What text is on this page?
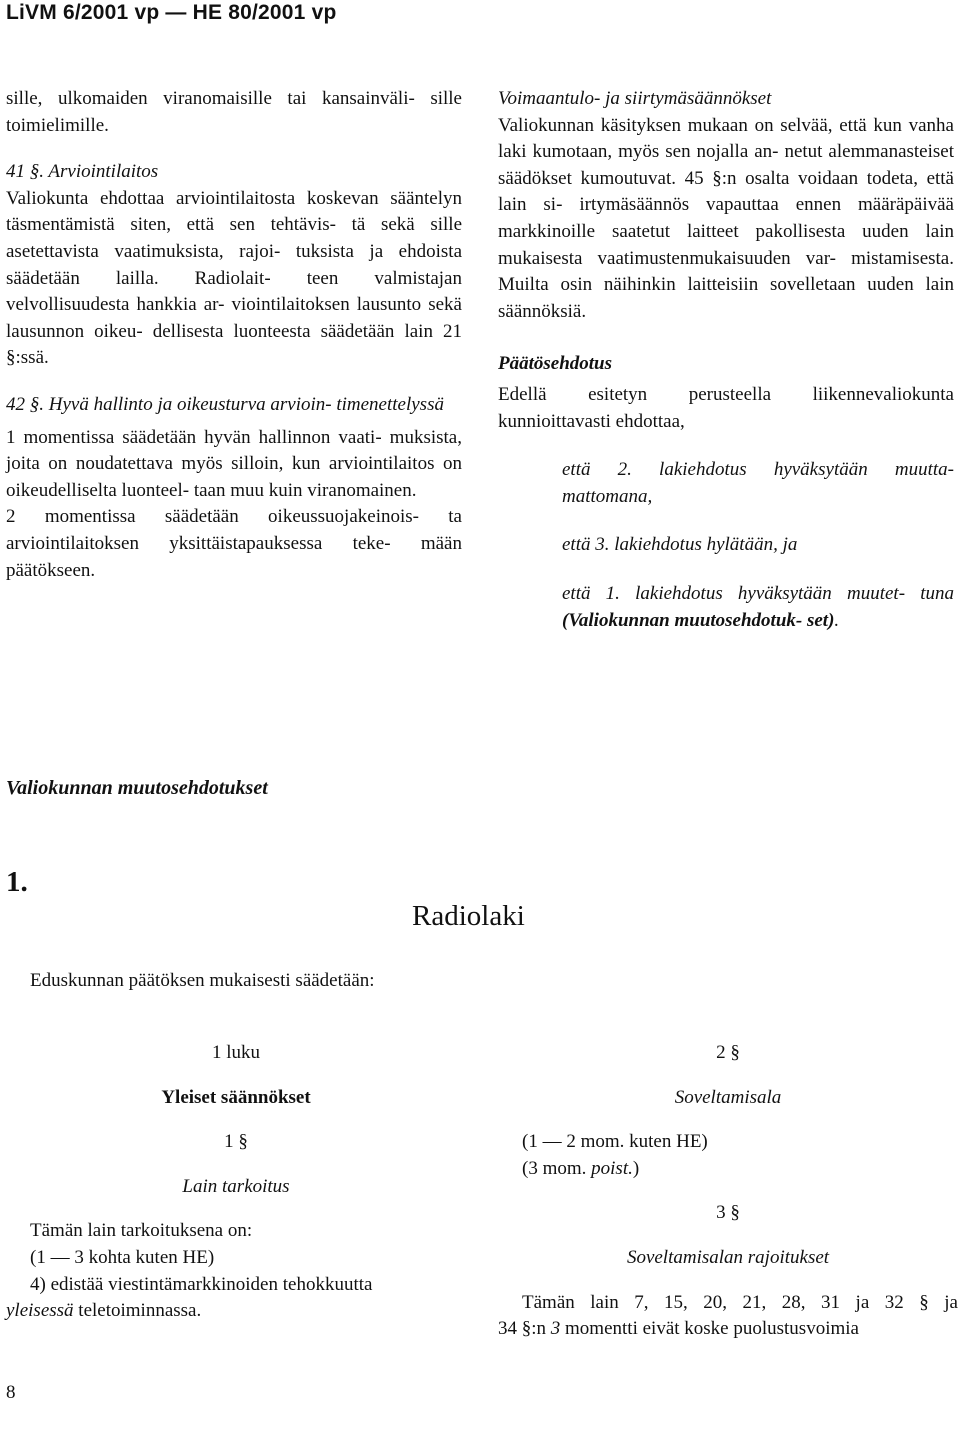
LiVM 6/2001 vp — HE 80/2001 vp

sille, ulkomaiden viranomaisille tai kansainväli- sille toimielimille.

41 §. Arviointilaitos

Valiokunta ehdottaa arviointilaitosta koskevan sääntelyn täsmentämistä siten, että sen tehtävis- tä sekä sille asetettavista vaatimuksista, rajoi- tuksista ja ehdoista säädetään lailla. Radiolait- teen valmistajan velvollisuudesta hankkia ar- viointilaitoksen lausunto sekä lausunnon oikeu- dellisesta luonteesta säädetään lain 21 §:ssä.

42 §. Hyvä hallinto ja oikeusturva arvioin- timenettelyssä

1 momentissa säädetään hyvän hallinnon vaati- muksista, joita on noudatettava myös silloin, kun arviointilaitos on oikeudelliselta luonteel- taan muu kuin viranomainen.

2 momentissa säädetään oikeussuojakeinois- ta arviointilaitoksen yksittäistapauksessa teke- mään päätökseen.

Voimaantulo- ja siirtymäsäännökset

Valiokunnan käsityksen mukaan on selvää, että kun vanha laki kumotaan, myös sen nojalla an- netut alemmanasteiset säädökset kumoutuvat. 45 §:n osalta voidaan todeta, että lain si- irtymäsäännös vapauttaa ennen määräpäivää markkinoille saatetut laitteet pakollisesta uuden lain mukaisesta vaatimustenmukaisuuden var- mistamisesta. Muilta osin näihinkin laitteisiin sovelletaan uuden lain säännöksiä.

Päätösehdotus

Edellä esitetyn perusteella liikennevaliokunta kunnioittavasti ehdottaa,

että 2. lakiehdotus hyväksytään muutta- mattomana,

että 3. lakiehdotus hylätään, ja

että 1. lakiehdotus hyväksytään muutet- tuna (Valiokunnan muutosehdotuk- set).

Valiokunnan muutosehdotukset
1.
Radiolaki
Eduskunnan päätöksen mukaisesti säädetään:

1 luku

Yleiset säännökset

1 §

Lain tarkoitus

Tämän lain tarkoituksena on:

(1 — 3 kohta kuten HE)

4) edistää viestintämarkkinoiden tehokkuutta

yleisessä teletoiminnassa.

2 §

Soveltamisala

(1 — 2 mom. kuten HE)

(3 mom. poist.)

3 §

Soveltamisalan rajoitukset

Tämän lain 7, 15, 20, 21, 28, 31 ja 32 § ja

34 §:n 3 momentti eivät koske puolustusvoimia

8
